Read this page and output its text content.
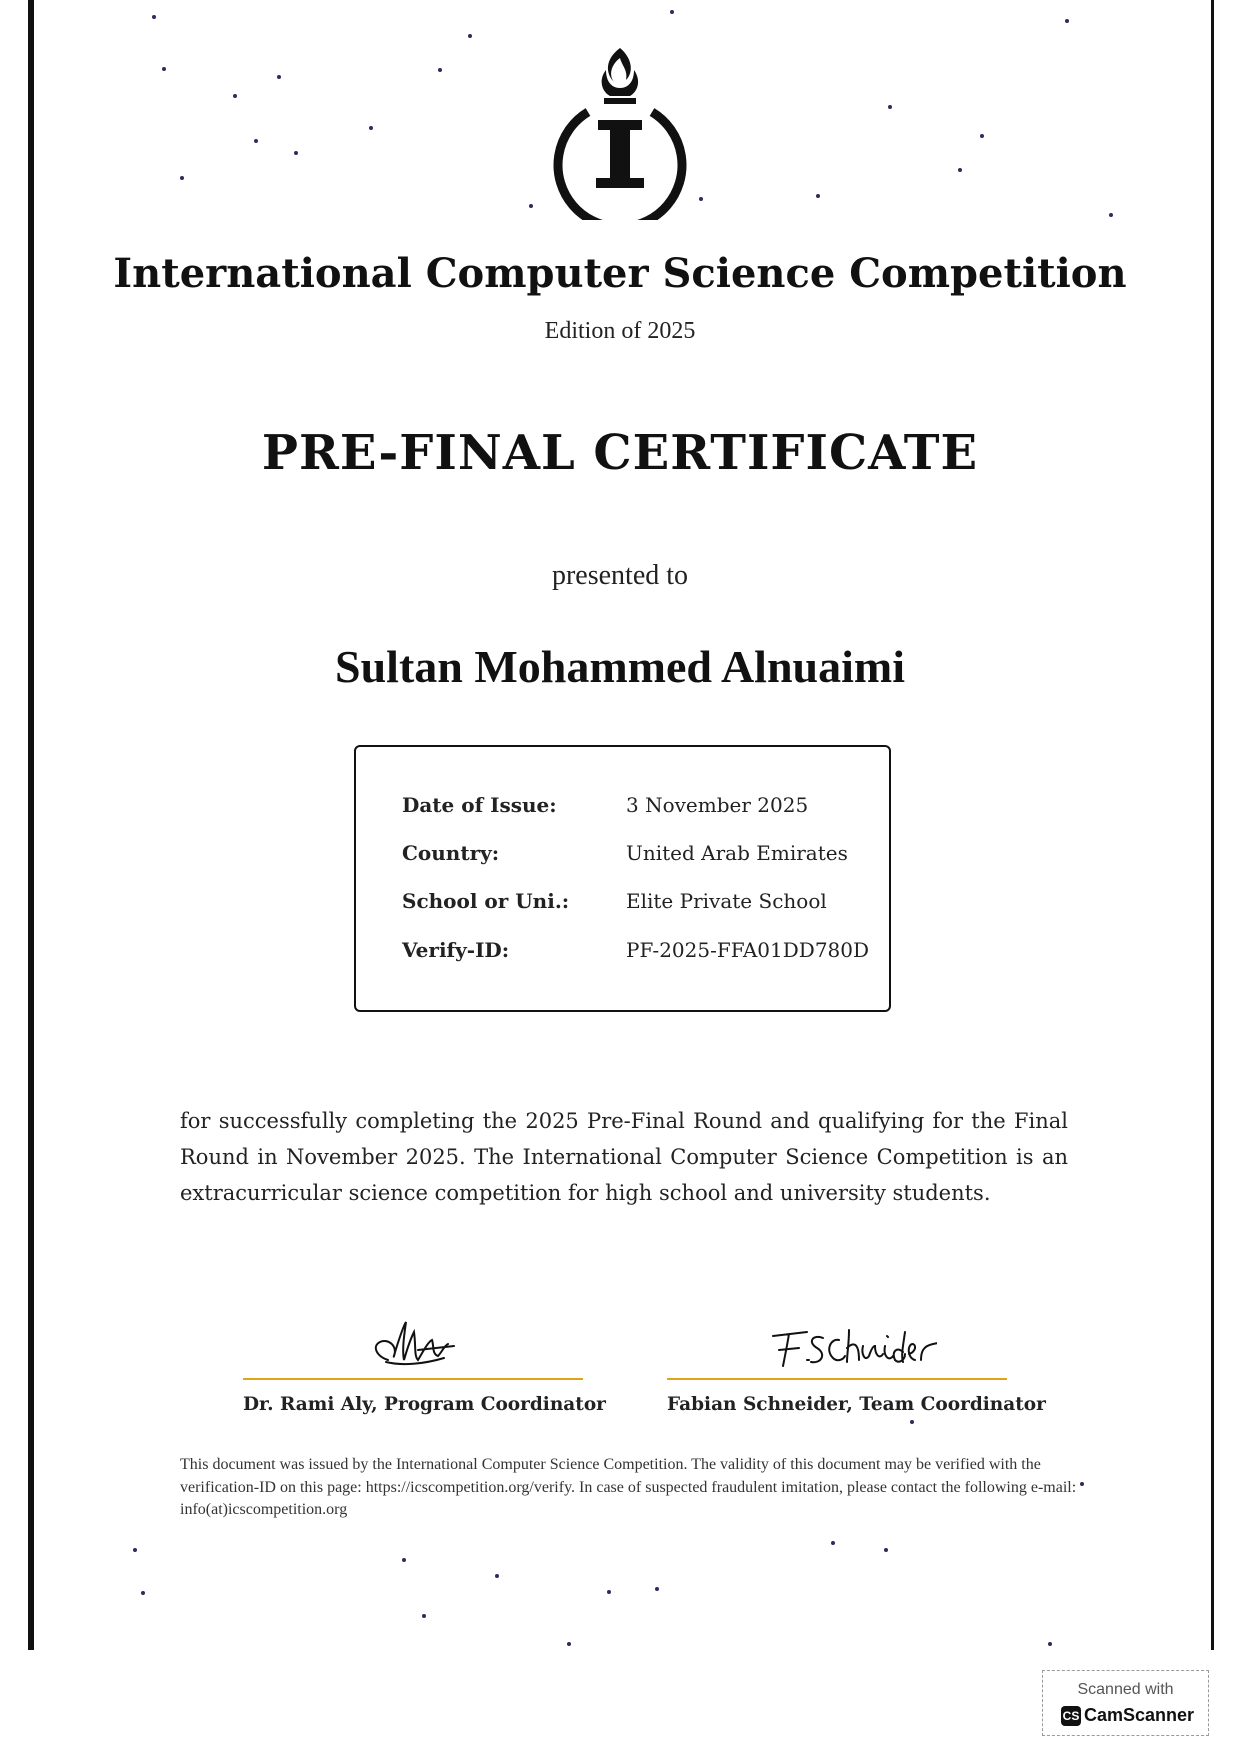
International Computer Science Competition
Edition of 2025
PRE-FINAL CERTIFICATE
presented to
Sultan Mohammed Alnuaimi
Date of Issue:	3 November 2025
Country:	United Arab Emirates
School or Uni.:	Elite Private School
Verify-ID:	PF-2025-FFA01DD780D
for successfully completing the 2025 Pre-Final Round and qualifying for the Final Round in November 2025. The International Computer Science Competition is an extracurricular science competition for high school and university students.
Dr. Rami Aly, Program Coordinator	Fabian Schneider, Team Coordinator
This document was issued by the International Computer Science Competition. The validity of this document may be verified with the verification-ID on this page: https://icscompetition.org/verify. In case of suspected fraudulent imitation, please contact the following e-mail: info(at)icscompetition.org
Scanned with
CS CamScanner
